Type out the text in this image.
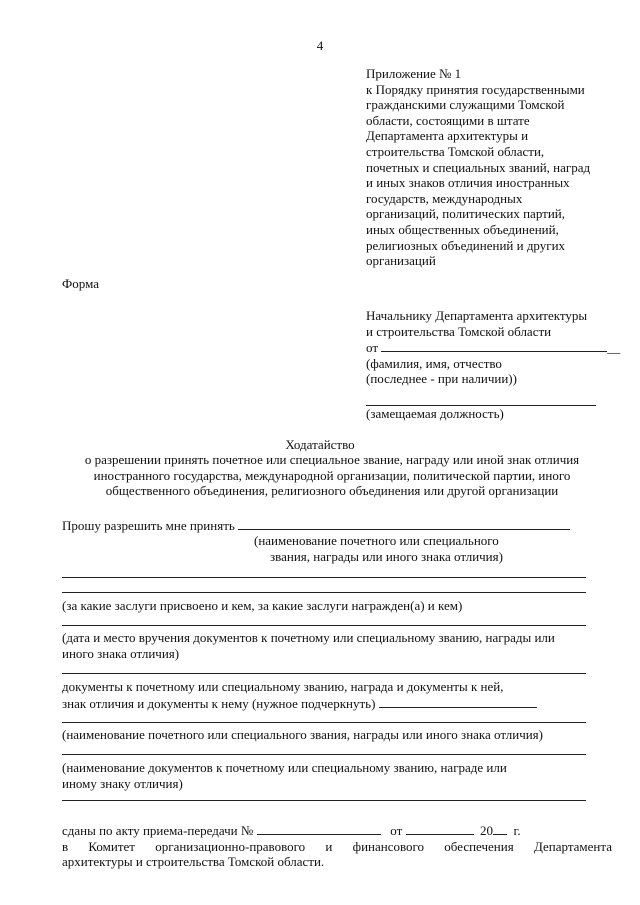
4
Приложение № 1
к Порядку принятия государственными
гражданскими служащими Томской
области, состоящими в штате
Департамента архитектуры и
строительства Томской области,
почетных и специальных званий, наград
и иных знаков отличия иностранных
государств, международных
организаций, политических партий,
иных общественных объединений,
религиозных объединений и других
организаций
Форма
Начальнику Департамента архитектуры
и строительства Томской области
от	__
(фамилия, имя, отчество
(последнее - при наличии))
(замещаемая должность)
Ходатайство
о разрешении принять почетное или специальное звание, награду или иной знак отличия иностранного государства, международной организации, политической партии, иного общественного объединения, религиозного объединения или другой организации
Прошу разрешить мне принять
(наименование почетного или специального
звания, награды или иного знака отличия)
(за какие заслуги присвоено и кем, за какие заслуги награжден(а) и кем)
(дата и место вручения документов к почетному или специальному званию, награды или
иного знака отличия)
документы к почетному или специальному званию, награда и документы к ней,
знак отличия и документы к нему (нужное подчеркнуть)
(наименование почетного или специального звания, награды или иного знака отличия)
(наименование документов к почетному или специальному званию, награде или
иному знаку отличия)
сданы по акту приема-передачи №	от	20 г.
в Комитет организационно-правового и финансового обеспечения Департамента
архитектуры и строительства Томской области.
